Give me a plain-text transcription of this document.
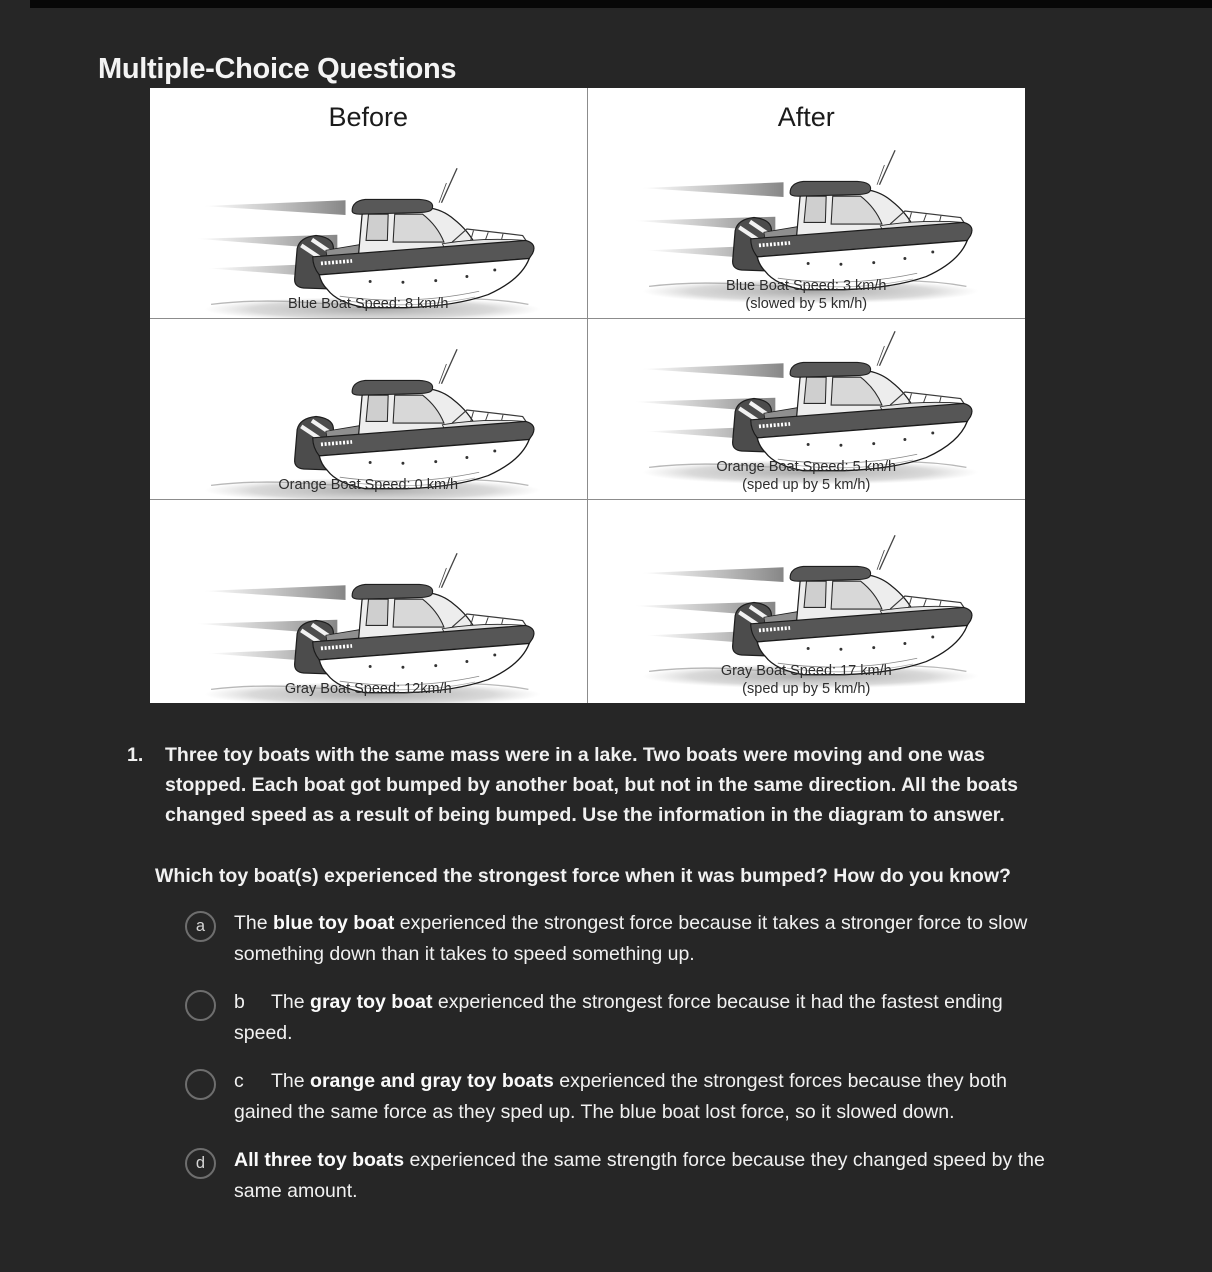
Multiple-Choice Questions
Before
Blue Boat Speed: 8 km/h
After
Blue Boat Speed: 3 km/h
(slowed by 5 km/h)
Orange Boat Speed: 0 km/h
Orange Boat Speed: 5 km/h
(sped up by 5 km/h)
Gray Boat Speed: 12km/h
Gray Boat Speed: 17 km/h
(sped up by 5 km/h)
1.	Three toy boats with the same mass were in a lake. Two boats were moving and one was stopped. Each boat got bumped by another boat, but not in the same direction. All the boats changed speed as a result of being bumped. Use the information in the diagram to answer.
Which toy boat(s) experienced the strongest force when it was bumped? How do you know?
a The blue toy boat experienced the strongest force because it takes a stronger force to slow something down than it takes to speed something up.
b The gray toy boat experienced the strongest force because it had the fastest ending speed.
c The orange and gray toy boats experienced the strongest forces because they both gained the same force as they sped up. The blue boat lost force, so it slowed down.
d All three toy boats experienced the same strength force because they changed speed by the same amount.
